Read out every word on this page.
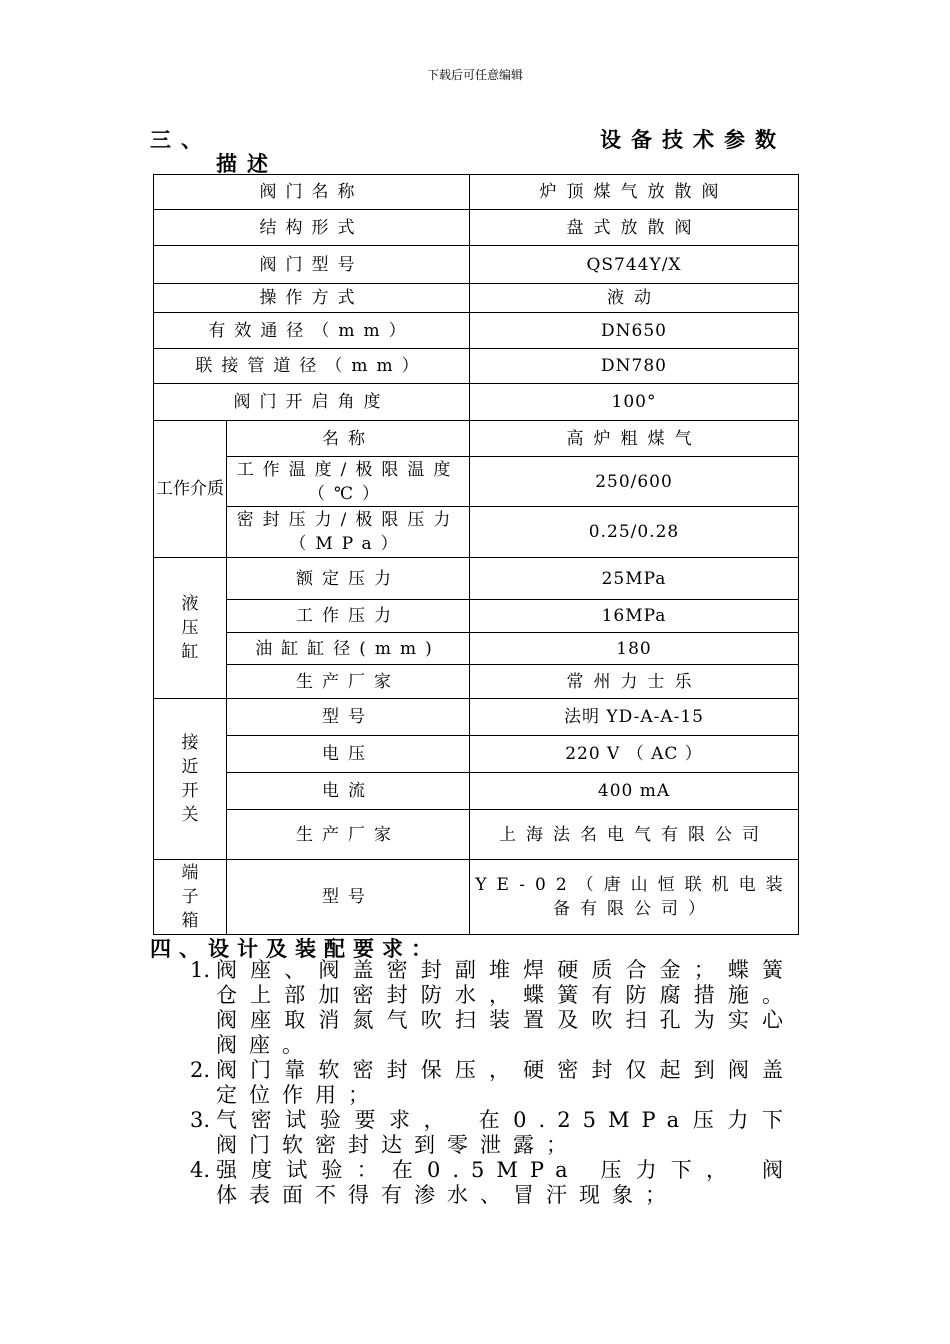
下载后可任意编辑
三、	设备技术参数
描述
阀门名称		炉顶煤气放散阀
结构形式		盘式放散阀
阀门型号		QS744Y/X
操作方式		液动
有效通径（mm）		DN650
联接管道径（mm）		DN780
阀门开启角度		100°
工作介质	名称	高炉粗煤气
	工作温度/极限温度（℃）	250/600
	密封压力/极限压力（MPa）	0.25/0.28

液
压
缸	额定压力	25MPa
	工作压力	16MPa
	油缸缸径(mm)	180
	生产厂家	常州力士乐

接
近
开
关	型号	法明 YD-A-A-15
	电压	220 V （ AC ）
	电流	400 mA
	生产厂家	上海法名电气有限公司

端
子
箱	型号	YE-02（唐山恒联机电装备有限公司）
四、设计及装配要求：
1. 阀座、阀盖密封副堆焊硬质合金；蝶簧仓上部加密封防水，蝶簧有防腐措施。阀座取消氮气吹扫装置及吹扫孔为实心阀座。
2. 阀门靠软密封保压，硬密封仅起到阀盖定位作用；
3. 气密试验要求， 在0.25MPa压力下阀门软密封达到零泄露；
4. 强度试验：在0.5MPa 压力下， 阀体表面不得有渗水、冒汗现象；
